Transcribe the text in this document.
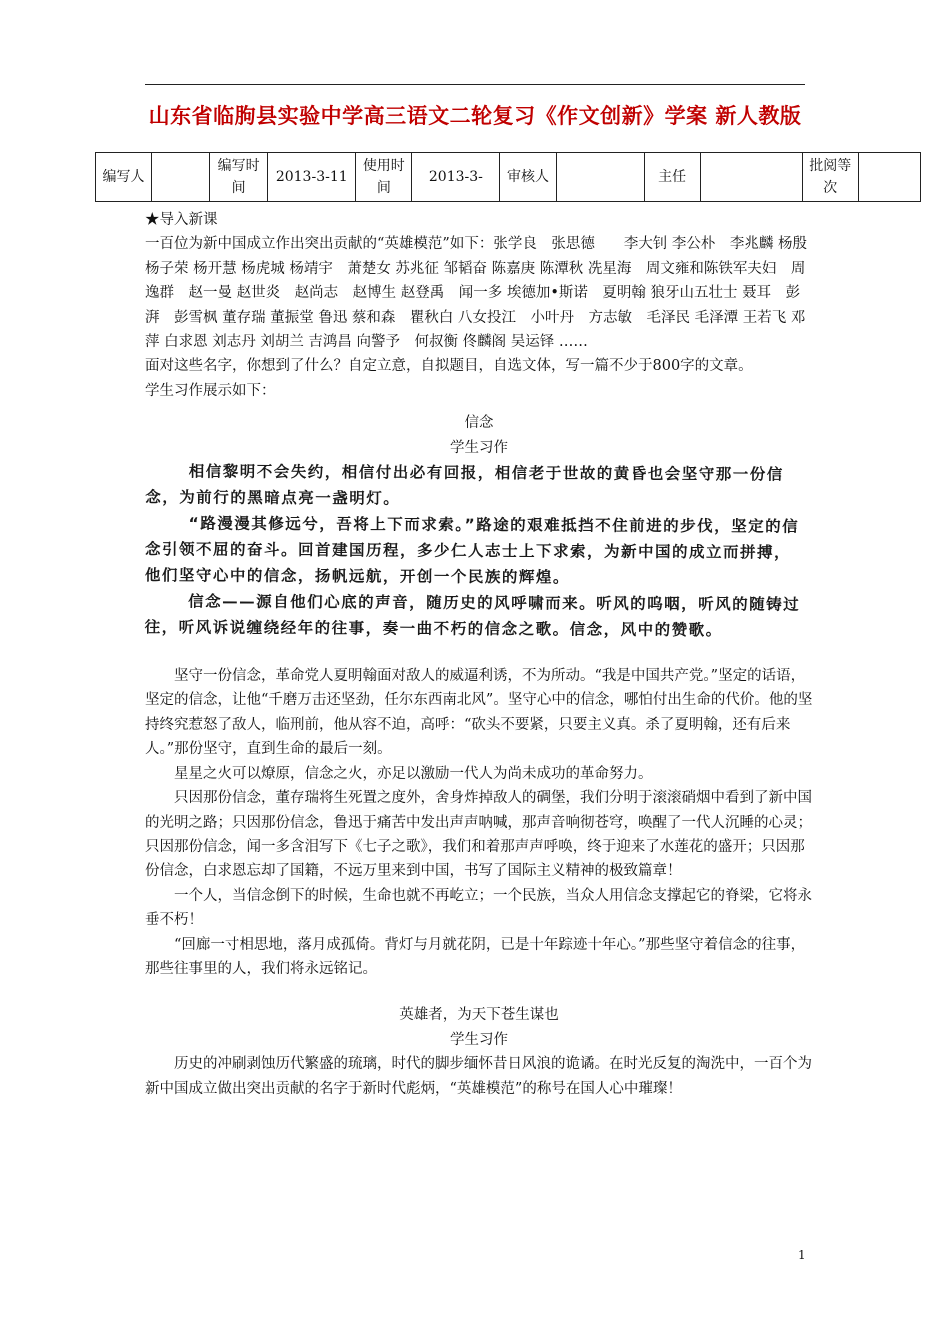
山东省临朐县实验中学高三语文二轮复习《作文创新》学案 新人教版
编写人		编写时间	2013-3-11	使用时间	2013-3-	审核人		主任		批阅等次	

★导入新课

一百位为新中国成立作出突出贡献的“英雄模范”如下：张学良　张思德　　李大钊 李公朴　李兆麟 杨殷 杨子荣 杨开慧 杨虎城 杨靖宇　萧楚女 苏兆征 邹韬奋 陈嘉庚 陈潭秋 冼星海　周文雍和陈铁军夫妇　周逸群　赵一曼 赵世炎　赵尚志　赵博生 赵登禹　闻一多 埃德加•斯诺　夏明翰 狼牙山五壮士 聂耳　彭湃　彭雪枫 董存瑞 董振堂 鲁迅 蔡和森　瞿秋白 八女投江　小叶丹　方志敏　毛泽民 毛泽潭 王若飞 邓萍 白求恩 刘志丹 刘胡兰 吉鸿昌 向警予　何叔衡 佟麟阁 吴运铎 ……

面对这些名字，你想到了什么？自定立意，自拟题目，自选文体，写一篇不少于800字的文章。

学生习作展示如下：

信念

学生习作

相信黎明不会失约，相信付出必有回报，相信老于世故的黄昏也会坚守那一份信念，为前行的黑暗点亮一盏明灯。

“路漫漫其修远兮，吾将上下而求索。”路途的艰难抵挡不住前进的步伐，坚定的信念引领不屈的奋斗。回首建国历程，多少仁人志士上下求索，为新中国的成立而拼搏，他们坚守心中的信念，扬帆远航，开创一个民族的辉煌。

信念——源自他们心底的声音，随历史的风呼啸而来。听风的呜咽，听风的随铸过往，听风诉说缠绕经年的往事，奏一曲不朽的信念之歌。信念，风中的赞歌。

坚守一份信念，革命党人夏明翰面对敌人的威逼利诱，不为所动。“我是中国共产党。”坚定的话语，坚定的信念，让他“千磨万击还坚劲，任尔东西南北风”。坚守心中的信念，哪怕付出生命的代价。他的坚持终究惹怒了敌人，临刑前，他从容不迫，高呼：“砍头不要紧，只要主义真。杀了夏明翰，还有后来人。”那份坚守，直到生命的最后一刻。

星星之火可以燎原，信念之火，亦足以激励一代人为尚未成功的革命努力。

只因那份信念，董存瑞将生死置之度外，舍身炸掉敌人的碉堡，我们分明于滚滚硝烟中看到了新中国的光明之路；只因那份信念，鲁迅于痛苦中发出声声呐喊，那声音响彻苍穹，唤醒了一代人沉睡的心灵；只因那份信念，闻一多含泪写下《七子之歌》，我们和着那声声呼唤，终于迎来了水莲花的盛开；只因那份信念，白求恩忘却了国籍，不远万里来到中国，书写了国际主义精神的极致篇章！

一个人，当信念倒下的时候，生命也就不再屹立；一个民族，当众人用信念支撑起它的脊梁，它将永垂不朽！

“回廊一寸相思地，落月成孤倚。背灯与月就花阴，已是十年踪迹十年心。”那些坚守着信念的往事，那些往事里的人，我们将永远铭记。

英雄者，为天下苍生谋也

学生习作

历史的冲刷剥蚀历代繁盛的琉璃，时代的脚步缅怀昔日风浪的诡谲。在时光反复的淘洗中，一百个为新中国成立做出突出贡献的名字于新时代彪炳，“英雄模范”的称号在国人心中璀璨！

1
